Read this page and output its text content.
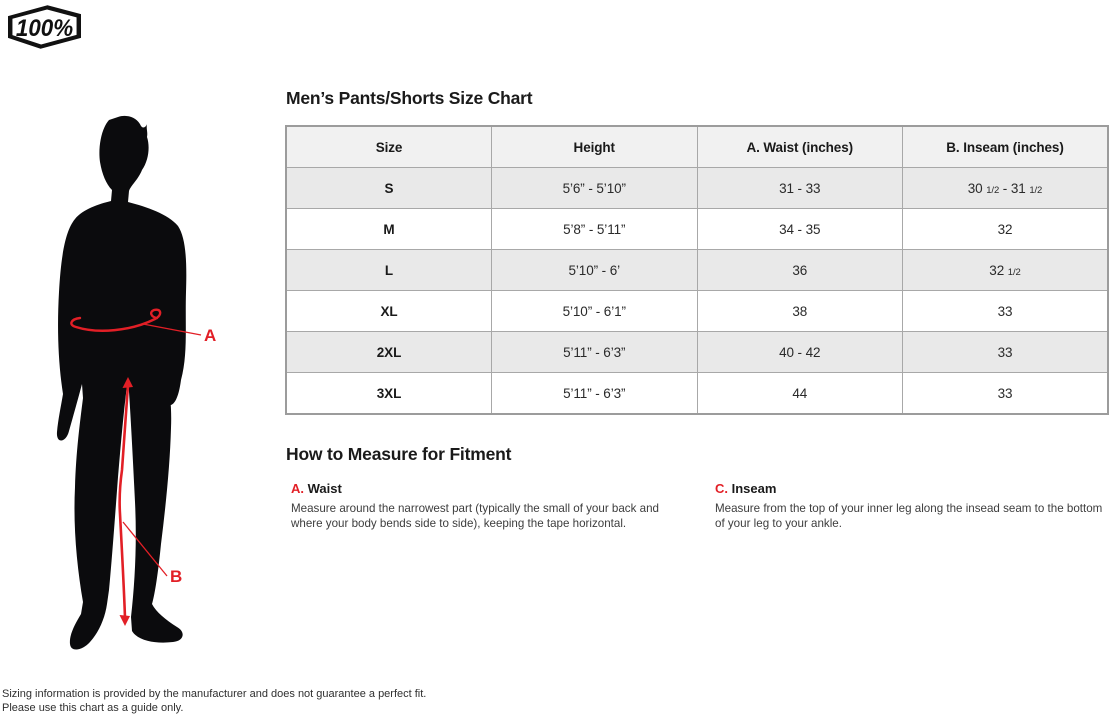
100%
A
B
Men’s Pants/Shorts Size Chart
Size	Height	A. Waist (inches)	B. Inseam (inches)
S	5’6” - 5’10”	31 - 33	30 1/2 - 31 1/2
M	5’8” - 5’11”	34 - 35	32
L	5’10” - 6’	36	32 1/2
XL	5’10” - 6’1”	38	33
2XL	5’11” - 6’3”	40 - 42	33
3XL	5’11” - 6’3”	44	33
How to Measure for Fitment
A. Waist
Measure around the narrowest part (typically the small of your back and where your body bends side to side), keeping the tape horizontal.
C. Inseam
Measure from the top of your inner leg along the insead seam to the bottom of your leg to your ankle.
Sizing information is provided by the manufacturer and does not guarantee a perfect fit.
Please use this chart as a guide only.
